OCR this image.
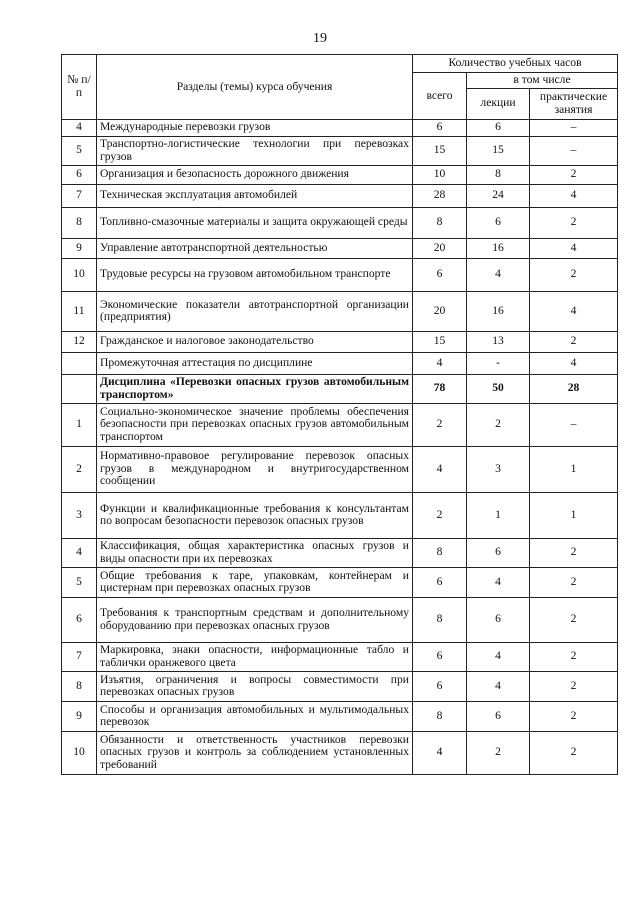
19
№ п/п	Разделы (темы) курса обучения	Количество учебных часов		
		всего	в том числе	
			лекции	практические занятия
4	Международные перевозки грузов	6	6	–
5	Транспортно-логистические технологии при перевозках грузов	15	15	–
6	Организация и безопасность дорожного движения	10	8	2
7	Техническая эксплуатация автомобилей	28	24	4
8	Топливно-смазочные материалы и защита окружающей среды	8	6	2
9	Управление автотранспортной деятельностью	20	16	4
10	Трудовые ресурсы на грузовом автомобильном транспорте	6	4	2
11	Экономические показатели автотранспортной организации (предприятия)	20	16	4
12	Гражданское и налоговое законодательство	15	13	2
	Промежуточная аттестация по дисциплине	4	-	4
	Дисциплина «Перевозки опасных грузов автомобильным транспортом»	78	50	28
1	Социально-экономическое значение проблемы обеспечения безопасности при перевозках опасных грузов автомобильным транспортом	2	2	–
2	Нормативно-правовое регулирование перевозок опасных грузов в международном и внутригосударственном сообщении	4	3	1
3	Функции и квалификационные требования к консультантам по вопросам безопасности перевозок опасных грузов	2	1	1
4	Классификация, общая характеристика опасных грузов и виды опасности при их перевозках	8	6	2
5	Общие требования к таре, упаковкам, контейнерам и цистернам при перевозках опасных грузов	6	4	2
6	Требования к транспортным средствам и дополнительному оборудованию при перевозках опасных грузов	8	6	2
7	Маркировка, знаки опасности, информационные табло и таблички оранжевого цвета	6	4	2
8	Изъятия, ограничения и вопросы совместимости при перевозках опасных грузов	6	4	2
9	Способы и организация автомобильных и мультимодальных перевозок	8	6	2
10	Обязанности и ответственность участников перевозки опасных грузов и контроль за соблюдением установленных требований	4	2	2
